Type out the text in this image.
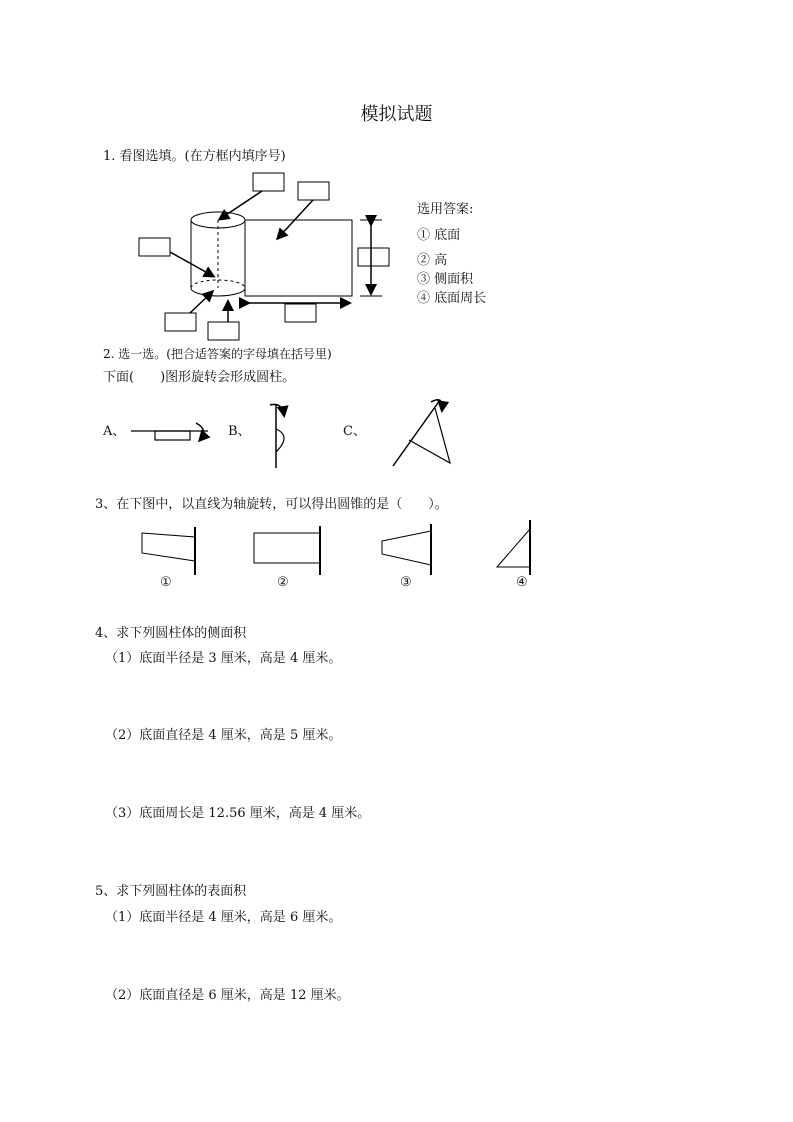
模拟试题
1. 看图选填。(在方框内填序号)
选用答案:
① 底面
② 高
③ 侧面积
④ 底面周长
2. 选一选。(把合适答案的字母填在括号里)
下面(　　)图形旋转会形成圆柱。
A、	B、	C、
3、在下图中，以直线为轴旋转，可以得出圆锥的是（　　）。
①	②	③	④
4、求下列圆柱体的侧面积
（1）底面半径是 3 厘米，高是 4 厘米。
（2）底面直径是 4 厘米，高是 5 厘米。
（3）底面周长是 12.56 厘米，高是 4 厘米。
5、求下列圆柱体的表面积
（1）底面半径是 4 厘米，高是 6 厘米。
（2）底面直径是 6 厘米，高是 12 厘米。
